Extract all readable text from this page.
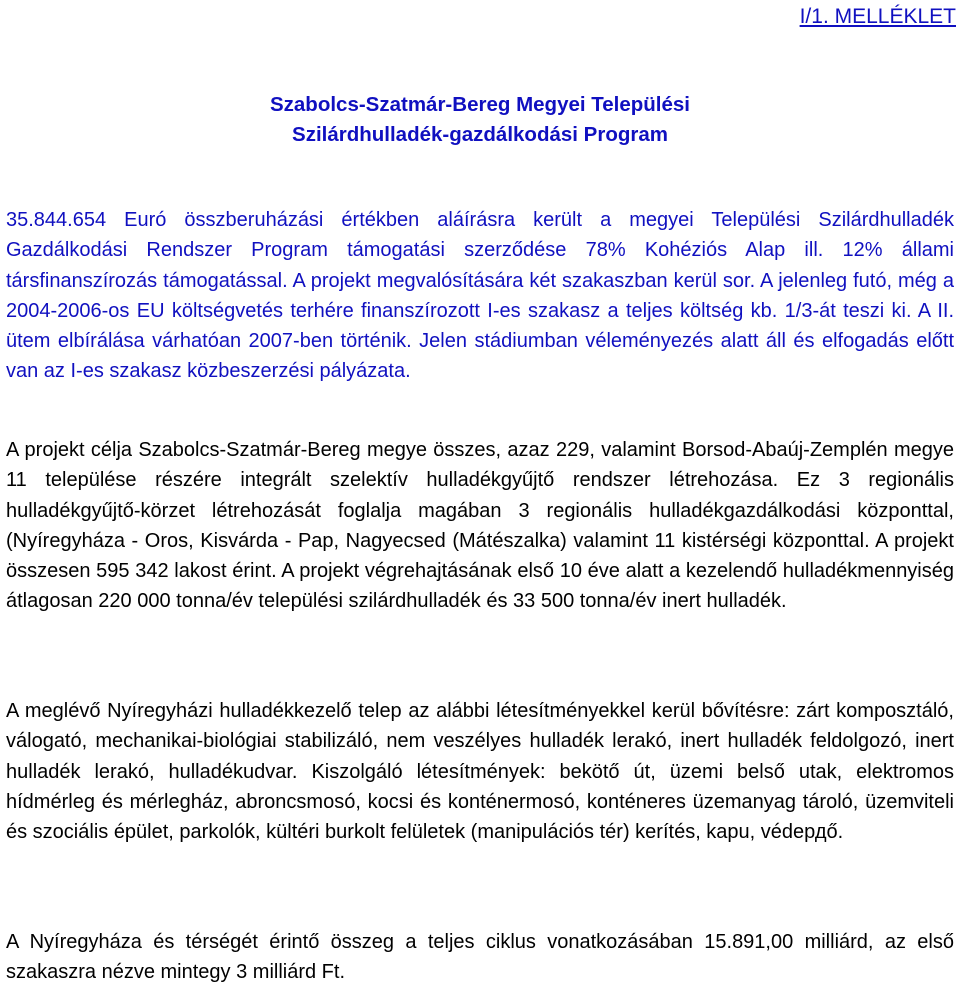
I/1. MELLÉKLET
Szabolcs-Szatmár-Bereg Megyei Települési
Szilárdhulladék-gazdálkodási Program

35.844.654 Euró összberuházási értékben aláírásra került a megyei Települési Szilárdhulladék Gazdálkodási Rendszer Program támogatási szerződése 78% Kohéziós Alap ill. 12% állami társfinanszírozás támogatással. A projekt megvalósítására két szakaszban kerül sor. A jelenleg futó, még a 2004-2006-os EU költségvetés terhére finanszírozott I-es szakasz a teljes költség kb. 1/3-át teszi ki. A II. ütem elbírálása várhatóan 2007-ben történik. Jelen stádiumban véleményezés alatt áll és elfogadás előtt van az I-es szakasz közbeszerzési pályázata.

A projekt célja Szabolcs-Szatmár-Bereg megye összes, azaz 229, valamint Borsod-Abaúj-Zemplén megye 11 települése részére integrált szelektív hulladékgyűjtő rendszer létrehozása. Ez 3 regionális hulladékgyűjtő-körzet létrehozását foglalja magában 3 regionális hulladékgazdálkodási központtal,(Nyíregyháza - Oros, Kisvárda - Pap, Nagyecsed (Mátészalka) valamint 11 kistérségi központtal. A projekt összesen 595 342 lakost érint. A projekt végrehajtásának első 10 éve alatt a kezelendő hulladékmennyiség átlagosan 220 000 tonna/év települési szilárdhulladék és 33 500 tonna/év inert hulladék.

A meglévő Nyíregyházi hulladékkezelő telep az alábbi létesítményekkel kerül bővítésre: zárt komposztáló, válogató, mechanikai-biológiai stabilizáló, nem veszélyes hulladék lerakó, inert hulladék feldolgozó, inert hulladék lerakó, hulladékudvar. Kiszolgáló létesítmények: bekötő út, üzemi belső utak, elektromos hídmérleg és mérlegház, abroncsmosó, kocsi és konténermosó, konténeres üzemanyag tároló, üzemviteli és szociális épület, parkolók, kültéri burkolt felületek (manipulációs tér) kerítés, kapu, védердő.

A Nyíregyháza és térségét érintő összeg a teljes ciklus vonatkozásában 15.891,00 milliárd, az első szakaszra nézve mintegy 3 milliárd Ft.
